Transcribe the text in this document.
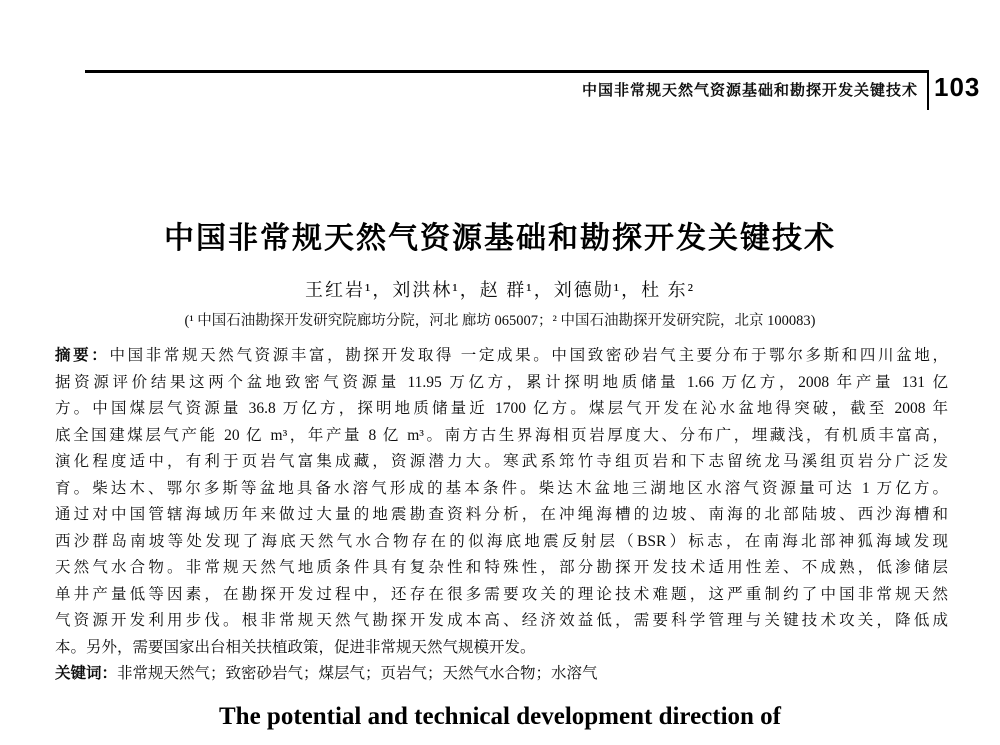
中国非常规天然气资源基础和勘探开发关键技术 103
中国非常规天然气资源基础和勘探开发关键技术
王红岩¹，刘洪林¹，赵 群¹，刘德勋¹，杜 东²
(¹ 中国石油勘探开发研究院廊坊分院，河北 廊坊 065007；² 中国石油勘探开发研究院，北京 100083)
摘要：中国非常规天然气资源丰富，勘探开发取得 一定成果。中国致密砂岩气主要分布于鄂尔多斯和四川盆地，
据资源评价结果这两个盆地致密气资源量 11.95 万亿方，累计探明地质储量 1.66 万亿方，2008 年产量 131 亿
方。中国煤层气资源量 36.8 万亿方，探明地质储量近 1700 亿方。煤层气开发在沁水盆地得突破，截至 2008 年
底全国建煤层气产能 20 亿 m³，年产量 8 亿 m³。南方古生界海相页岩厚度大、分布广，埋藏浅，有机质丰富高，
演化程度适中，有利于页岩气富集成藏，资源潜力大。寒武系筇竹寺组页岩和下志留统龙马溪组页岩分广泛发
育。柴达木、鄂尔多斯等盆地具备水溶气形成的基本条件。柴达木盆地三湖地区水溶气资源量可达 1 万亿方。
通过对中国管辖海域历年来做过大量的地震勘查资料分析，在冲绳海槽的边坡、南海的北部陆坡、西沙海槽和
西沙群岛南坡等处发现了海底天然气水合物存在的似海底地震反射层（BSR）标志，在南海北部神狐海域发现
天然气水合物。非常规天然气地质条件具有复杂性和特殊性，部分勘探开发技术适用性差、不成熟，低渗储层
单井产量低等因素，在勘探开发过程中，还存在很多需要攻关的理论技术难题，这严重制约了中国非常规天然
气资源开发利用步伐。根非常规天然气勘探开发成本高、经济效益低，需要科学管理与关键技术攻关，降低成
本。另外，需要国家出台相关扶植政策，促进非常规天然气规模开发。
关键词：非常规天然气；致密砂岩气；煤层气；页岩气；天然气水合物；水溶气
The potential and technical development direction of
